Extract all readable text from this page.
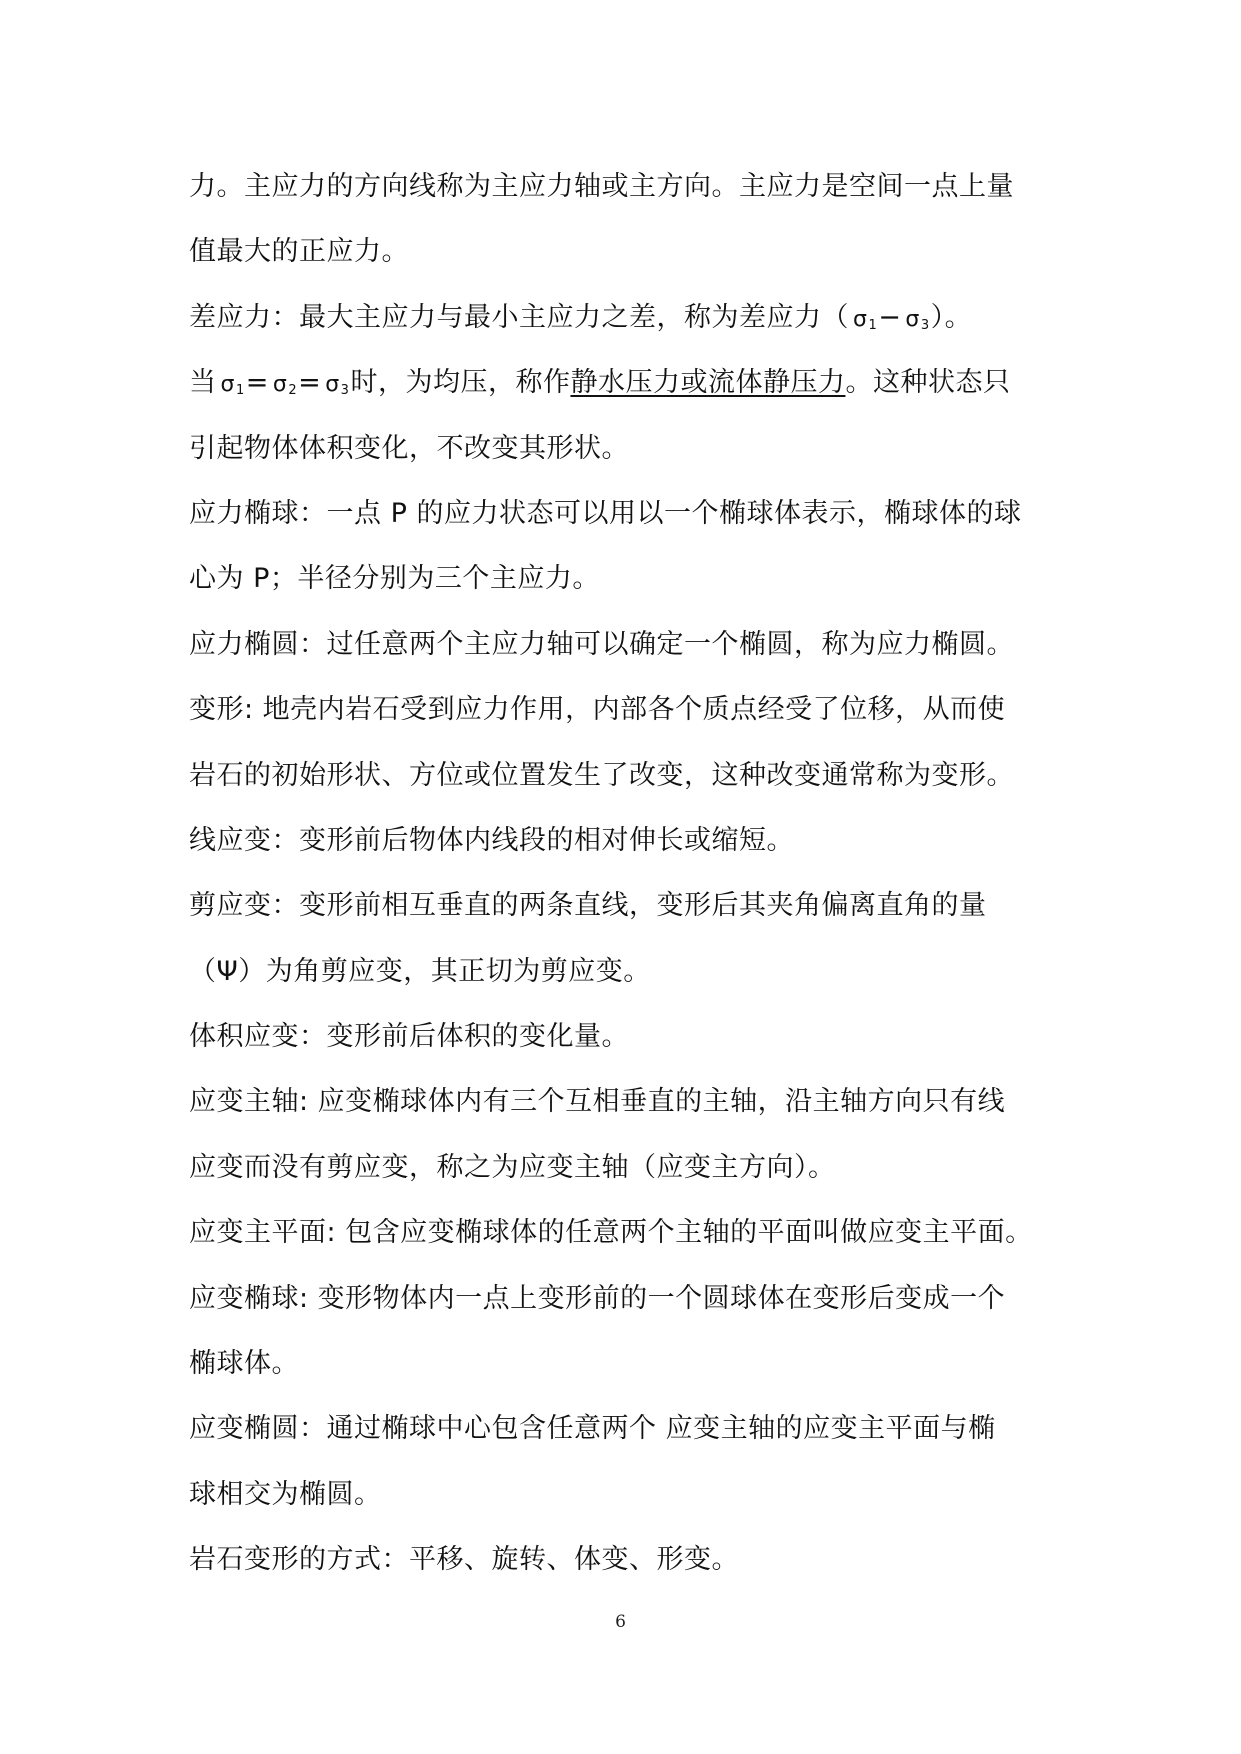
力。主应力的方向线称为主应力轴或主方向。主应力是空间一点上量
值最大的正应力。
差应力：最大主应力与最小主应力之差，称为差应力（ $\sigma_1- \sigma_3$）。
当 $\sigma_1= \sigma_2= \sigma_3$时，为均压，称作静水压力或流体静压力。这种状态只
引起物体体积变化，不改变其形状。
应力椭球：一点 P 的应力状态可以用以一个椭球体表示，椭球体的球
心为 P；半径分别为三个主应力。
应力椭圆：过任意两个主应力轴可以确定一个椭圆，称为应力椭圆。
变形: 地壳内岩石受到应力作用，内部各个质点经受了位移，从而使
岩石的初始形状、方位或位置发生了改变，这种改变通常称为变形。
线应变：变形前后物体内线段的相对伸长或缩短。
剪应变：变形前相互垂直的两条直线，变形后其夹角偏离直角的量
（Ψ）为角剪应变，其正切为剪应变。
体积应变：变形前后体积的变化量。
应变主轴: 应变椭球体内有三个互相垂直的主轴，沿主轴方向只有线
应变而没有剪应变，称之为应变主轴（应变主方向）。
应变主平面: 包含应变椭球体的任意两个主轴的平面叫做应变主平面。
应变椭球: 变形物体内一点上变形前的一个圆球体在变形后变成一个
椭球体。
应变椭圆：通过椭球中心包含任意两个 应变主轴的应变主平面与椭
球相交为椭圆。
岩石变形的方式：平移、旋转、体变、形变。
6
